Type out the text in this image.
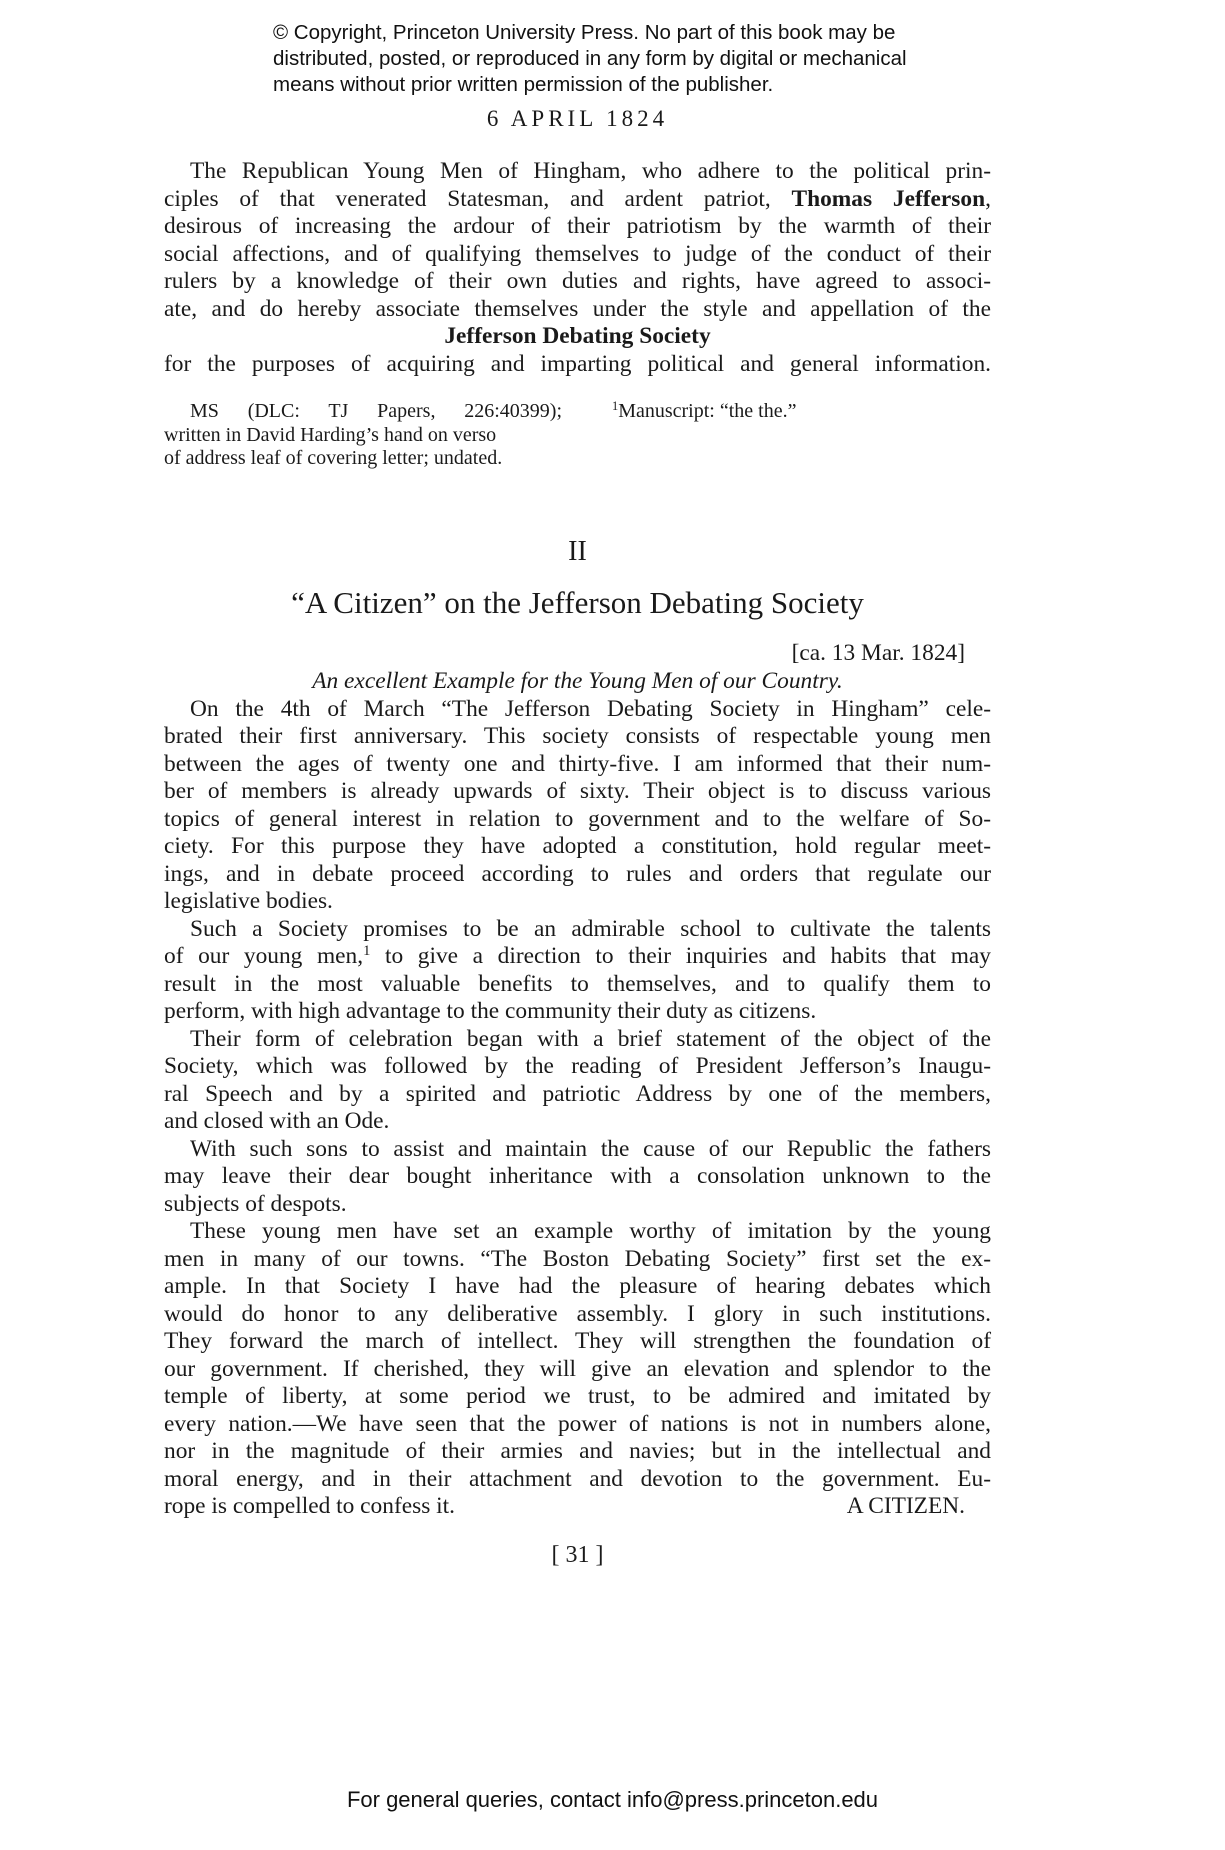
© Copyright, Princeton University Press. No part of this book may be
distributed, posted, or reproduced in any form by digital or mechanical
means without prior written permission of the publisher.
6 APRIL 1824
The Republican Young Men of Hingham, who adhere to the political prin-
ciples of that venerated Statesman, and ardent patriot, Thomas Jefferson,
desirous of increasing the ardour of their patriotism by the warmth of their
social affections, and of qualifying themselves to judge of the conduct of their
rulers by a knowledge of their own duties and rights, have agreed to associ-
ate, and do hereby associate themselves under the style and appellation of the
Jefferson Debating Society
for the purposes of acquiring and imparting political and general information.
MS (DLC: TJ Papers, 226:40399);
written in David Harding’s hand on verso
of address leaf of covering letter; undated.
$^1$Manuscript: “the the.”
II
“A Citizen” on the Jefferson Debating Society
[ca. 13 Mar. 1824]
An excellent Example for the Young Men of our Country.
On the 4th of March “The Jefferson Debating Society in Hingham” cele-
brated their first anniversary. This society consists of respectable young men
between the ages of twenty one and thirty-five. I am informed that their num-
ber of members is already upwards of sixty. Their object is to discuss various
topics of general interest in relation to government and to the welfare of So-
ciety. For this purpose they have adopted a constitution, hold regular meet-
ings, and in debate proceed according to rules and orders that regulate our
legislative bodies.
Such a Society promises to be an admirable school to cultivate the talents
of our young men,$^1$ to give a direction to their inquiries and habits that may
result in the most valuable benefits to themselves, and to qualify them to
perform, with high advantage to the community their duty as citizens.
Their form of celebration began with a brief statement of the object of the
Society, which was followed by the reading of President Jefferson’s Inaugu-
ral Speech and by a spirited and patriotic Address by one of the members,
and closed with an Ode.
With such sons to assist and maintain the cause of our Republic the fathers
may leave their dear bought inheritance with a consolation unknown to the
subjects of despots.
These young men have set an example worthy of imitation by the young
men in many of our towns. “The Boston Debating Society” first set the ex-
ample. In that Society I have had the pleasure of hearing debates which
would do honor to any deliberative assembly. I glory in such institutions.
They forward the march of intellect. They will strengthen the foundation of
our government. If cherished, they will give an elevation and splendor to the
temple of liberty, at some period we trust, to be admired and imitated by
every nation.—We have seen that the power of nations is not in numbers alone,
nor in the magnitude of their armies and navies; but in the intellectual and
moral energy, and in their attachment and devotion to the government. Eu-
rope is compelled to confess it.	A CITIZEN.
[ 31 ]
For general queries, contact info@press.princeton.edu
